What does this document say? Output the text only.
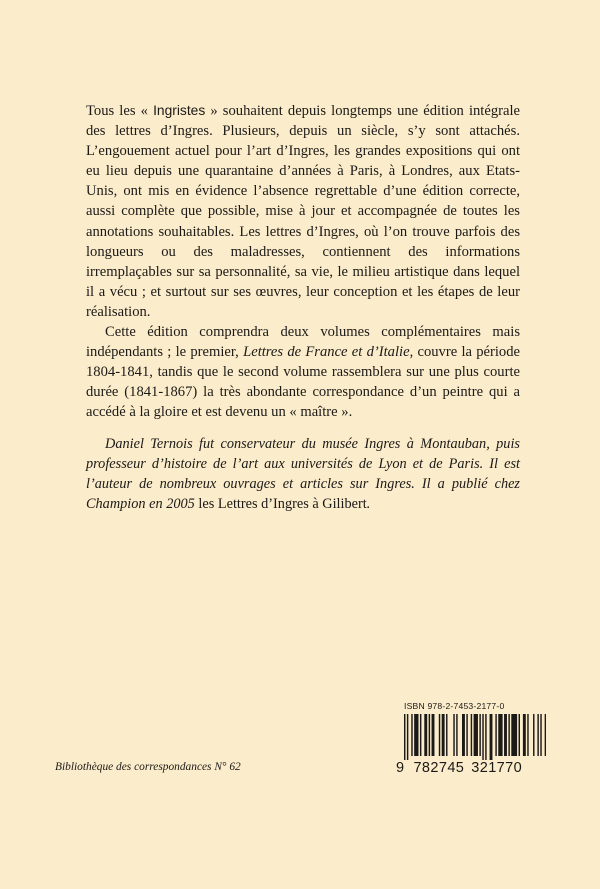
Tous les « Ingristes » souhaitent depuis longtemps une édition intégrale des lettres d’Ingres. Plusieurs, depuis un siècle, s’y sont attachés. L’engouement actuel pour l’art d’Ingres, les grandes expositions qui ont eu lieu depuis une quarantaine d’années à Paris, à Londres, aux Etats-Unis, ont mis en évidence l’absence regrettable d’une édition correcte, aussi complète que possible, mise à jour et accompagnée de toutes les annotations souhaitables. Les lettres d’Ingres, où l’on trouve parfois des longueurs ou des maladresses, contiennent des informations irremplaçables sur sa personnalité, sa vie, le milieu artistique dans lequel il a vécu ; et surtout sur ses œuvres, leur conception et les étapes de leur réalisation.

Cette édition comprendra deux volumes complémentaires mais indépendants ; le premier, Lettres de France et d’Italie, couvre la période 1804-1841, tandis que le second volume rassemblera sur une plus courte durée (1841-1867) la très abondante correspondance d’un peintre qui a accédé à la gloire et est devenu un « maître ».

Daniel Ternois fut conservateur du musée Ingres à Montauban, puis professeur d’histoire de l’art aux universités de Lyon et de Paris. Il est l’auteur de nombreux ouvrages et articles sur Ingres. Il a publié chez Champion en 2005 les Lettres d’Ingres à Gilibert.

Bibliothèque des correspondances N° 62

ISBN 978-2-7453-2177-0
9 782745 321770
